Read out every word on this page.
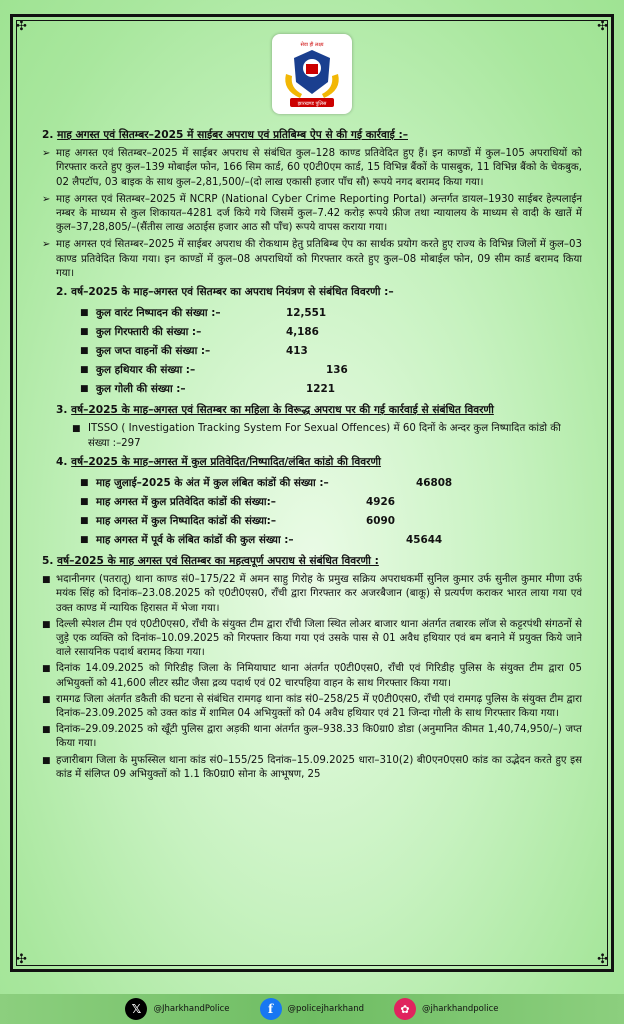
✣	✣
✣	✣
सेवा ही लक्ष्य
झारखण्ड पुलिस
2. माह अगस्त एवं सितम्बर–2025 में साईबर अपराध एवं प्रतिबिम्ब ऐप से की गई कार्रवाई :–
➢ माह अगस्त एवं सितम्बर–2025 में साईबर अपराध से संबंधित कुल–128 काण्ड प्रतिवेदित हुए हैं। इन काण्डों में कुल–105 अपराधियों को गिरफ्तार करते हुए कुल–139 मोबाईल फोन, 166 सिम कार्ड, 60 ए0टी0एम कार्ड, 15 विभिन्न बैंकों के पासबुक, 11 विभिन्न बैंको के चेकबुक, 02 लैपटॉप, 03 बाइक के साथ कुल–2,81,500/–(दो लाख एकासी हजार पाँच सौ) रूपये नगद बरामद किया गया।
➢ माह अगस्त एवं सितम्बर–2025 में NCRP (National Cyber Crime Reporting Portal) अन्तर्गत डायल–1930 साईबर हेल्पलाईन नम्बर के माध्यम से कुल शिकायत–4281 दर्ज किये गये जिसमें कुल–7.42 करोड़ रूपये फ्रीज तथा न्यायालय के माध्यम से वादी के खातें में कुल–37,28,805/–(सैंतीस लाख अठाईस हजार आठ सौ पाँच) रूपये वापस कराया गया।
➢ माह अगस्त एवं सितम्बर–2025 में साईबर अपराध की रोकथाम हेतु प्रतिबिम्ब ऐप का सार्थक प्रयोग करते हुए राज्य के विभिन्न जिलों में कुल–03 काण्ड प्रतिवेदित किया गया। इन काण्डों में कुल–08 अपराधियों को गिरफ्तार करते हुए कुल–08 मोबाईल फोन, 09 सीम कार्ड बरामद किया गया।
2. वर्ष–2025 के माह–अगस्त एवं सितम्बर का अपराध नियंत्रण से संबंधित विवरणी :–
■ कुल वारंट निष्पादन की संख्या :–	12,551
■ कुल गिरफ्तारी की संख्या :–	4,186
■ कुल जप्त वाहनों की संख्या :–	413
■ कुल हथियार की संख्या :–	136
■ कुल गोली की संख्या :–	1221
3. वर्ष–2025 के माह–अगस्त एवं सितम्बर का महिला के विरूद्ध अपराध पर की गई कार्रवाई से संबंधित विवरणी
■ ITSSO ( Investigation Tracking System For Sexual Offences) में 60 दिनों के अन्दर कुल निष्पादित कांडो की संख्या :–297
4. वर्ष–2025 के माह–अगस्त में कुल प्रतिवेदित/निष्पादित/लंबित कांडो की विवरणी
■ माह जुलाई–2025 के अंत में कुल लंबित कांडों की संख्या :–	46808
■ माह अगस्त में कुल प्रतिवेदित कांडों की संख्या:–	4926
■ माह अगस्त में कुल निष्पादित कांडों की संख्या:–	6090
■ माह अगस्त में पूर्व के लंबित कांडों की कुल संख्या :–	45644
5. वर्ष–2025 के माह अगस्त एवं सितम्बर का महत्वपूर्ण अपराध से संबंधित विवरणी :
■ भदानीनगर (पतरातू) थाना काण्ड सं0–175/22 में अमन साहु गिरोह के प्रमुख सक्रिय अपराधकर्मी सुनिल कुमार उर्फ सुनील कुमार मीणा उर्फ मयंक सिंह को दिनांक–23.08.2025 को ए0टी0एस0, राँची द्वारा गिरफ्तार कर अजरबैजान (बाकू) से प्रत्यर्पण कराकर भारत लाया गया एवं उक्त काण्ड में न्यायिक हिरासत में भेजा गया।
■ दिल्ली स्पेशल टीम एवं ए0टी0एस0, राँची के संयुक्त टीम द्वारा राँची जिला स्थित लोअर बाजार थाना अंतर्गत तबारक लॉज से कट्टरपंथी संगठनों से जुड़े एक व्यक्ति को दिनांक–10.09.2025 को गिरफ्तार किया गया एवं उसके पास से 01 अवैध हथियार एवं बम बनाने में प्रयुक्त किये जाने वाले रसायनिक पदार्थ बरामद किया गया।
■ दिनांक 14.09.2025 को गिरिडीह जिला के निमियाघाट थाना अंतर्गत ए0टी0एस0, राँची एवं गिरिडीह पुलिस के संयुक्त टीम द्वारा 05 अभियुक्तों को 41,600 लीटर स्प्रीट जैसा द्रव्य पदार्थ एवं 02 चारपहिया वाहन के साथ गिरफ्तार किया गया।
■ रामगढ जिला अंतर्गत डकैती की घटना से संबंधित रामगढ़ थाना कांड सं0–258/25 में ए0टी0एस0, राँची एवं रामगढ़ पुलिस के संयुक्त टीम द्वारा दिनांक–23.09.2025 को उक्त कांड में शामिल 04 अभियुक्तों को 04 अवैध हथियार एवं 21 जिन्दा गोली के साथ गिरफ्तार किया गया।
■ दिनांक–29.09.2025 को खूँटी पुलिस द्वारा अड़की थाना अंतर्गत कुल–938.33 कि0ग्रा0 डोडा (अनुमानित कीमत 1,40,74,950/–) जप्त किया गया।
■ हजारीबाग जिला के मुफस्सिल थाना कांड सं0–155/25 दिनांक–15.09.2025 धारा–310(2) बी0एन0एस0 कांड का उद्भेदन करते हुए इस कांड में संलिप्त 09 अभियुक्तों को 1.1 कि0ग्रा0 सोना के आभूषण, 25
𝕏	@JharkhandPolice	f	@policejharkhand	✿	@jharkhandpolice
